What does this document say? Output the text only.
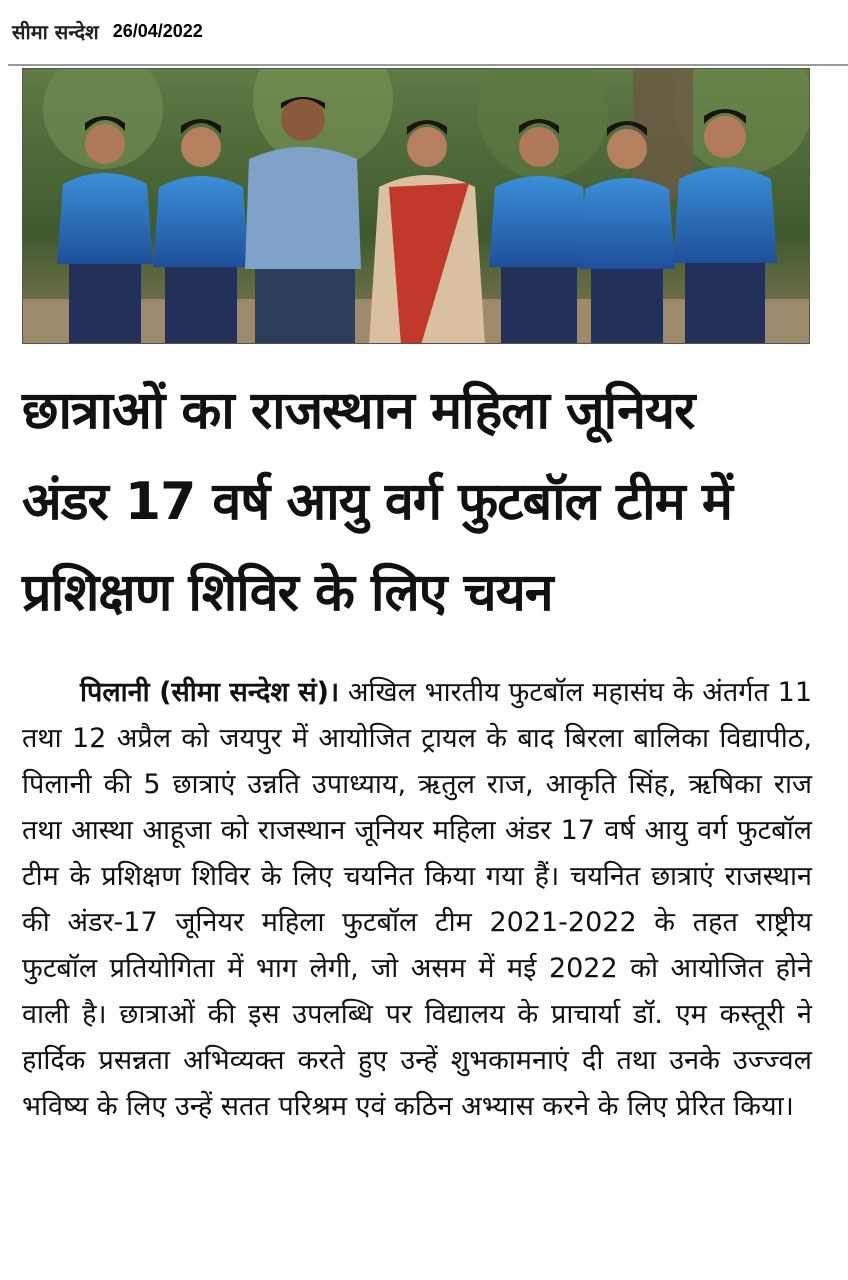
सीमा सन्देश 26/04/2022
छात्राओं का राजस्थान महिला जूनियर
अंडर 17 वर्ष आयु वर्ग फुटबॉल टीम में
प्रशिक्षण शिविर के लिए चयन
पिलानी (सीमा सन्देश सं)। अखिल भारतीय फुटबॉल महासंघ के अंतर्गत 11 तथा 12 अप्रैल को जयपुर में आयोजित ट्रायल के बाद बिरला बालिका विद्यापीठ, पिलानी की 5 छात्राएं उन्नति उपाध्याय, ऋतुल राज, आकृति सिंह, ऋषिका राज तथा आस्था आहूजा को राजस्थान जूनियर महिला अंडर 17 वर्ष आयु वर्ग फुटबॉल टीम के प्रशिक्षण शिविर के लिए चयनित किया गया हैं। चयनित छात्राएं राजस्थान की अंडर-17 जूनियर महिला फुटबॉल टीम 2021-2022 के तहत राष्ट्रीय फुटबॉल प्रतियोगिता में भाग लेगी, जो असम में मई 2022 को आयोजित होने वाली है। छात्राओं की इस उपलब्धि पर विद्यालय के प्राचार्या डॉ. एम कस्तूरी ने हार्दिक प्रसन्नता अभिव्यक्त करते हुए उन्हें शुभकामनाएं दी तथा उनके उज्ज्वल भविष्य के लिए उन्हें सतत परिश्रम एवं कठिन अभ्यास करने के लिए प्रेरित किया।
